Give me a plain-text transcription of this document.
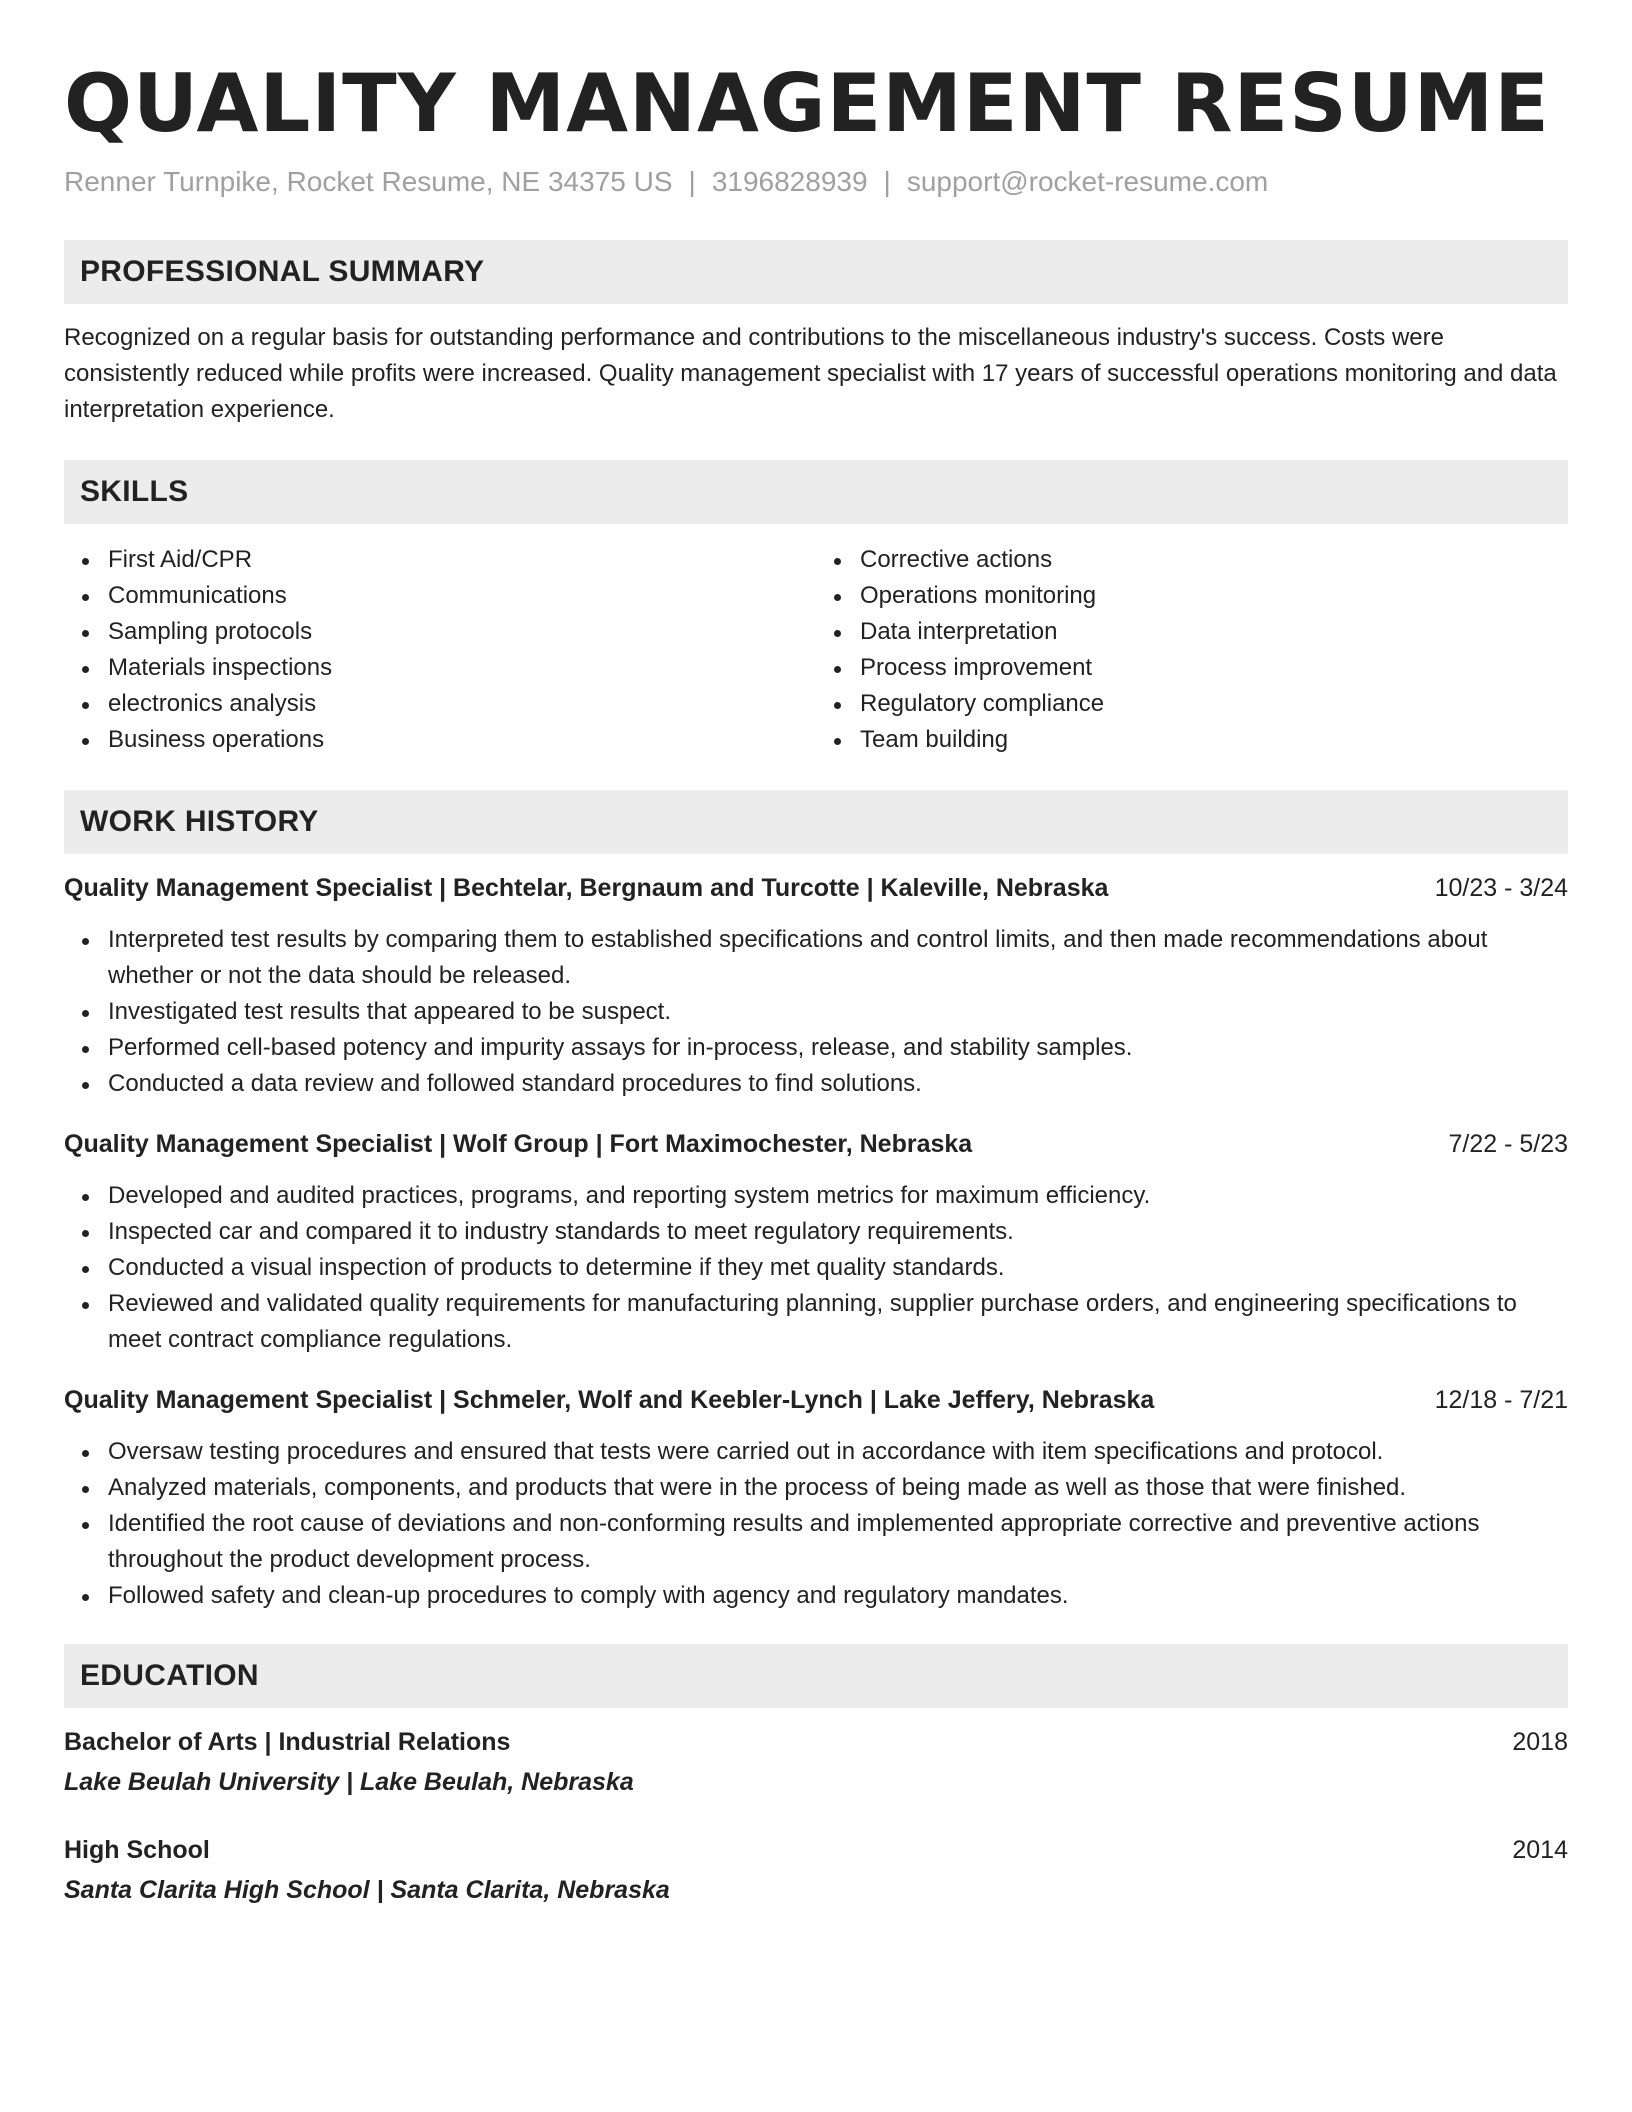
QUALITY MANAGEMENT RESUME
Renner Turnpike, Rocket Resume, NE 34375 US | 3196828939 | support@rocket-resume.com
PROFESSIONAL SUMMARY

Recognized on a regular basis for outstanding performance and contributions to the miscellaneous industry's success. Costs were consistently reduced while profits were increased. Quality management specialist with 17 years of successful operations monitoring and data interpretation experience.

SKILLS
First Aid/CPR
Communications
Sampling protocols
Materials inspections
electronics analysis
Business operations
Corrective actions
Operations monitoring
Data interpretation
Process improvement
Regulatory compliance
Team building
WORK HISTORY
Quality Management Specialist | Bechtelar, Bergnaum and Turcotte | Kaleville, Nebraska	10/23 - 3/24
Interpreted test results by comparing them to established specifications and control limits, and then made recommendations about whether or not the data should be released.
Investigated test results that appeared to be suspect.
Performed cell-based potency and impurity assays for in-process, release, and stability samples.
Conducted a data review and followed standard procedures to find solutions.
Quality Management Specialist | Wolf Group | Fort Maximochester, Nebraska	7/22 - 5/23
Developed and audited practices, programs, and reporting system metrics for maximum efficiency.
Inspected car and compared it to industry standards to meet regulatory requirements.
Conducted a visual inspection of products to determine if they met quality standards.
Reviewed and validated quality requirements for manufacturing planning, supplier purchase orders, and engineering specifications to meet contract compliance regulations.
Quality Management Specialist | Schmeler, Wolf and Keebler-Lynch | Lake Jeffery, Nebraska	12/18 - 7/21
Oversaw testing procedures and ensured that tests were carried out in accordance with item specifications and protocol.
Analyzed materials, components, and products that were in the process of being made as well as those that were finished.
Identified the root cause of deviations and non-conforming results and implemented appropriate corrective and preventive actions throughout the product development process.
Followed safety and clean-up procedures to comply with agency and regulatory mandates.
EDUCATION
Bachelor of Arts | Industrial Relations	2018
Lake Beulah University | Lake Beulah, Nebraska
High School	2014
Santa Clarita High School | Santa Clarita, Nebraska
